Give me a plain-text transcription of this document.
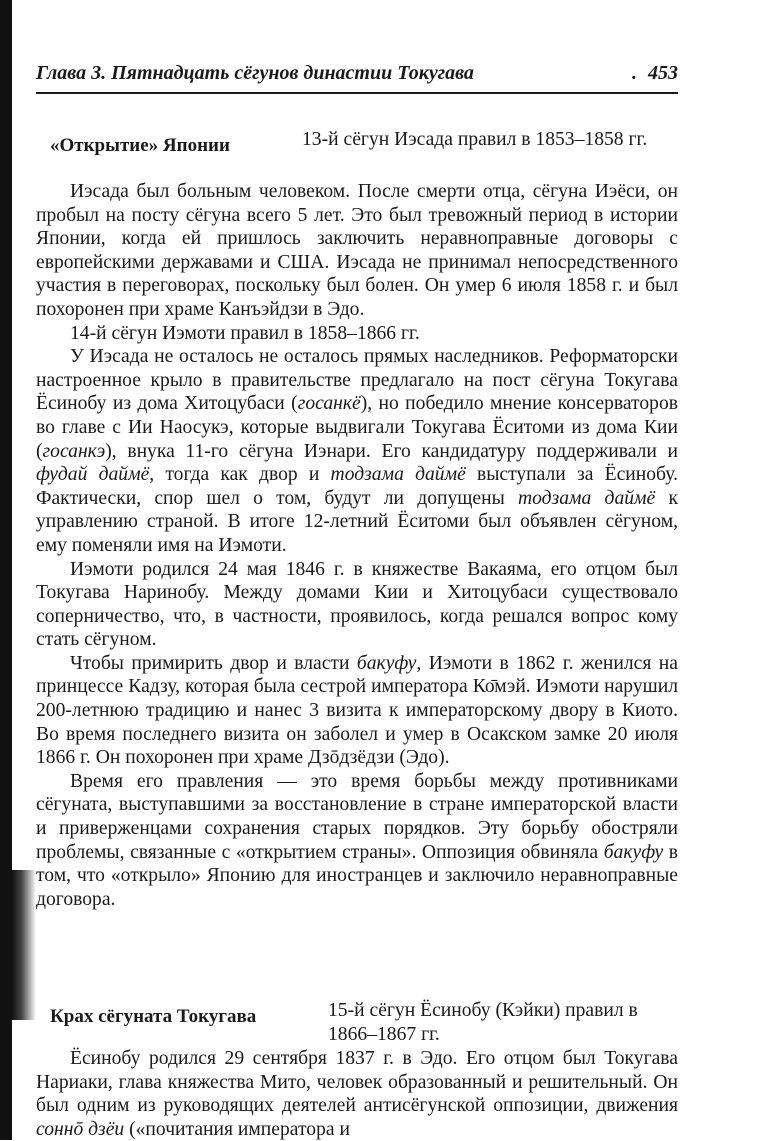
Глава 3. Пятнадцать сёгунов династии Токугава	. 453
«Открытие» Японии	13-й сёгун Иэсада правил в 1853–1858 гг.

Иэсада был больным человеком. После смерти отца, сёгуна Иэёси, он пробыл на посту сёгуна всего 5 лет. Это был тревожный период в истории Японии, когда ей пришлось заключить неравноправные договоры с европейскими державами и США. Иэсада не принимал непосредственного участия в переговорах, поскольку был болен. Он умер 6 июля 1858 г. и был похоронен при храме Канъэйдзи в Эдо.

14-й сёгун Иэмоти правил в 1858–1866 гг.

У Иэсада не осталось не осталось прямых наследников. Реформаторски настроенное крыло в правительстве предлагало на пост сёгуна Токугава Ёсинобу из дома Хитоцубаси (госанкё), но победило мнение консерваторов во главе с Ии Наосукэ, которые выдвигали Токугава Ёситоми из дома Кии (госанкэ), внука 11-го сёгуна Иэнари. Его кандидатуру поддерживали и фудай даймё, тогда как двор и тодзама даймё выступали за Ёсинобу. Фактически, спор шел о том, будут ли допущены тодзама даймё к управлению страной. В итоге 12-летний Ёситоми был объявлен сёгуном, ему поменяли имя на Иэмоти.

Иэмоти родился 24 мая 1846 г. в княжестве Вакаяма, его отцом был Токугава Наринобу. Между домами Кии и Хитоцубаси существовало соперничество, что, в частности, проявилось, когда решался вопрос кому стать сёгуном.

Чтобы примирить двор и власти бакуфу, Иэмоти в 1862 г. женился на принцессе Кадзу, которая была сестрой императора Ко̄мэй. Иэмоти нарушил 200-летнюю традицию и нанес 3 визита к императорскому двору в Киото. Во время последнего визита он заболел и умер в Осакском замке 20 июля 1866 г. Он похоронен при храме Дзōдзёдзи (Эдо).

Время его правления — это время борьбы между противниками сёгуната, выступавшими за восстановление в стране императорской власти и приверженцами сохранения старых порядков. Эту борьбу обостряли проблемы, связанные с «открытием страны». Оппозиция обвиняла бакуфу в том, что «открыло» Японию для иностранцев и заключило неравноправные договора.

Крах сёгуната Токугава	15-й сёгун Ёсинобу (Кэйки) правил в 1866–1867 гг.

Ёсинобу родился 29 сентября 1837 г. в Эдо. Его отцом был Токугава Нариаки, глава княжества Мито, человек образованный и решительный. Он был одним из руководящих деятелей антисёгунской оппозиции, движения соннō дзёи («почитания императора и
